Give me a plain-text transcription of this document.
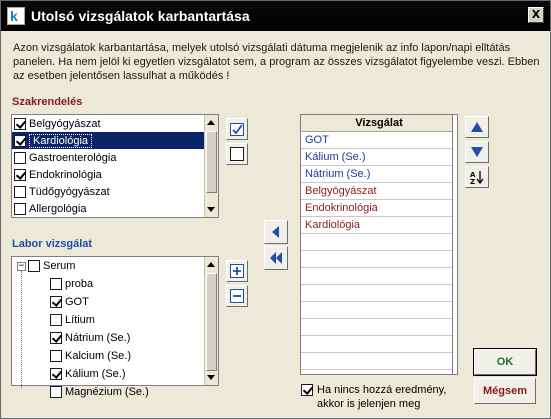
k Utolsó vizsgálatok karbantartása	X
Azon vizsgálatok karbantartása, melyek utolsó vizsgálati dátuma megjelenik az info lapon/napi elltátás panelen. Ha nem jelöl ki egyetlen vizsgálatot sem, a program az összes vizsgálatot figyelembe veszi. Ebben az esetben jelentősen lassulhat a működés !
Szakrendelés
Belgyógyászat
Kardiológia
Gastroenterológia
Endokrinológia
Tüdőgyógyászat
Allergológia
Labor vizsgálat
− Serum
proba
GOT
Lítium
Nátrium (Se.)
Kalcium (Se.)
Kálium (Se.)
Magnézium (Se.)
Vizsgálat
GOT
Kálium (Se.)
Nátrium (Se.)
Belgyógyászat
Endokrinológia
Kardiológia
A
Z
Ha nincs hozzá eredmény,
akkor is jelenjen meg
OK
Mégsem
